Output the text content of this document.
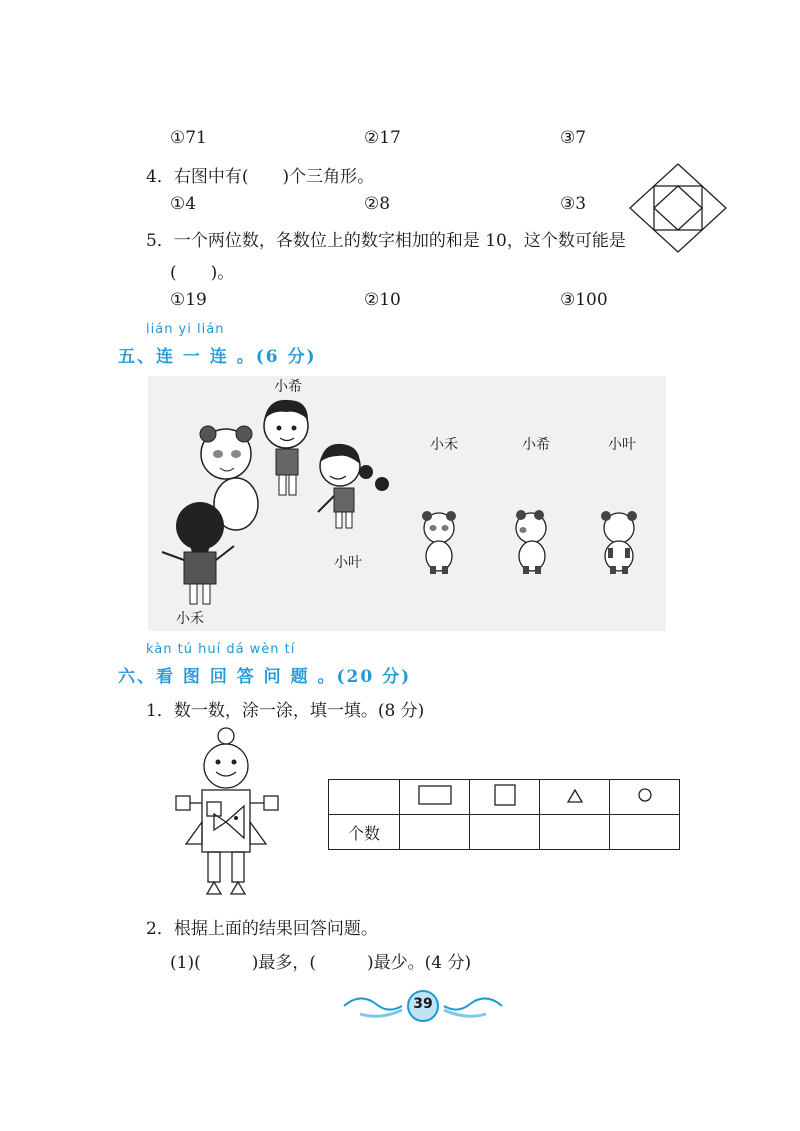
①71	②17	③7
4．右图中有(　　)个三角形。
①4	②8	③3
5．一个两位数，各数位上的数字相加的和是 10，这个数可能是
(　　)。
①19	②10	③100
lián yi lián
五、连 一 连 。(6 分)
小希
小叶
小禾
小禾	小希	小叶
kàn tú huí dá wèn tí
六、看 图 回 答 问 题 。(20 分)
1．数一数，涂一涂，填一填。(8 分)

个数				
2．根据上面的结果回答问题。
(1)(　　　)最多，(　　　)最少。(4 分)
39
